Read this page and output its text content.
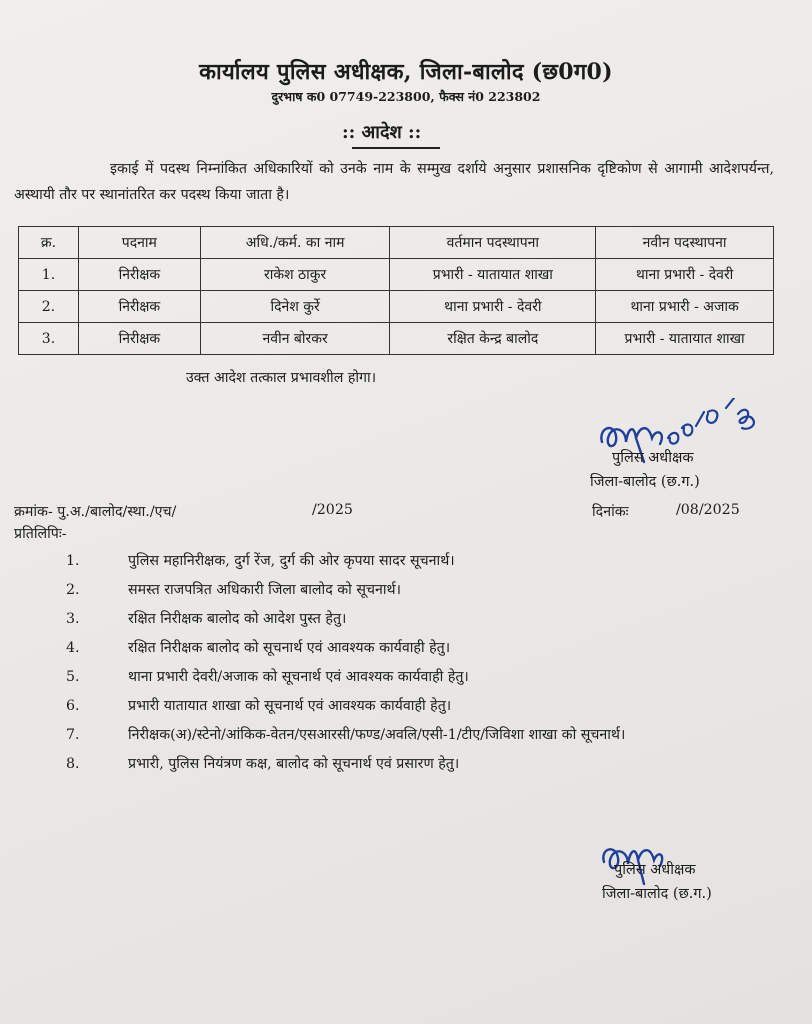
कार्यालय पुलिस अधीक्षक, जिला-बालोद (छ0ग0)
दुरभाष क0 07749-223800, फैक्स नं0 223802
:: आदेश ::
इकाई में पदस्थ निम्नांकित अधिकारियों को उनके नाम के सम्मुख दर्शाये अनुसार प्रशासनिक दृष्टिकोण से आगामी आदेशपर्यन्त, अस्थायी तौर पर स्थानांतरित कर पदस्थ किया जाता है।
क्र.	पदनाम	अधि./कर्म. का नाम	वर्तमान पदस्थापना	नवीन पदस्थापना
1.	निरीक्षक	राकेश ठाकुर	प्रभारी - यातायात शाखा	थाना प्रभारी - देवरी
2.	निरीक्षक	दिनेश कुर्रे	थाना प्रभारी - देवरी	थाना प्रभारी - अजाक
3.	निरीक्षक	नवीन बोरकर	रक्षित केन्द्र बालोद	प्रभारी - यातायात शाखा
उक्त आदेश तत्काल प्रभावशील होगा।
पुलिस अधीक्षक
जिला-बालोद (छ.ग.)
क्रमांक- पु.अ./बालोद/स्था./एच/	/2025	दिनांकः	/08/2025
प्रतिलिपिः-
1.	पुलिस महानिरीक्षक, दुर्ग रेंज, दुर्ग की ओर कृपया सादर सूचनार्थ।
2.	समस्त राजपत्रित अधिकारी जिला बालोद को सूचनार्थ।
3.	रक्षित निरीक्षक बालोद को आदेश पुस्त हेतु।
4.	रक्षित निरीक्षक बालोद को सूचनार्थ एवं आवश्यक कार्यवाही हेतु।
5.	थाना प्रभारी देवरी/अजाक को सूचनार्थ एवं आवश्यक कार्यवाही हेतु।
6.	प्रभारी यातायात शाखा को सूचनार्थ एवं आवश्यक कार्यवाही हेतु।
7.	निरीक्षक(अ)/स्टेनो/आंकिक-वेतन/एसआरसी/फण्ड/अवलि/एसी-1/टीए/जिविशा शाखा को सूचनार्थ।
8.	प्रभारी, पुलिस नियंत्रण कक्ष, बालोद को सूचनार्थ एवं प्रसारण हेतु।
पुलिस अधीक्षक
जिला-बालोद (छ.ग.)
